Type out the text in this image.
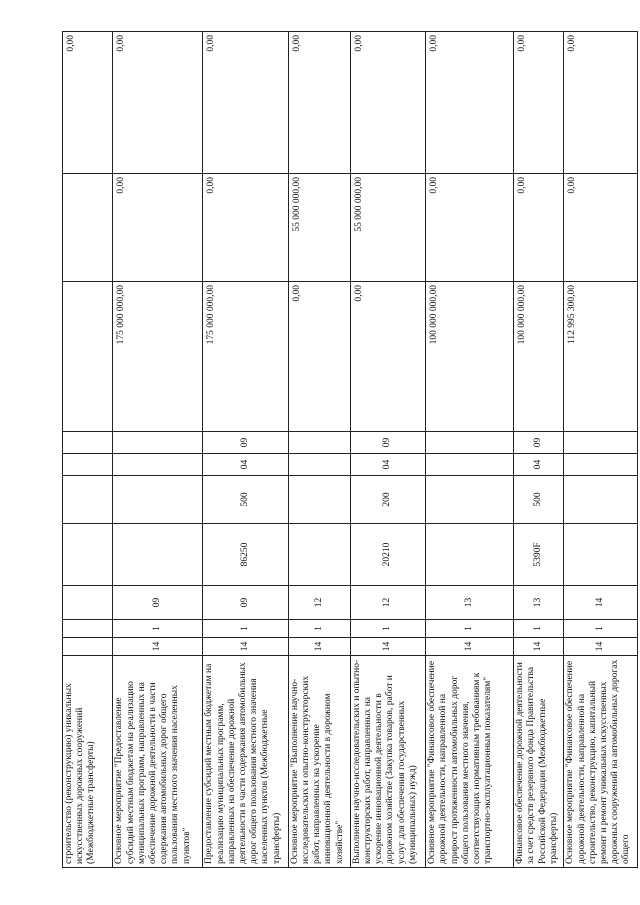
строительство (реконструкцию) уникальных искусственных дорожных сооружений (Межбюджетные трансферты)										0,00
Основное мероприятие "Предоставление субсидий местным бюджетам на реализацию муниципальных программ, направленных на обеспечение дорожной деятельности в части содержания автомобильных дорог общего пользования местного значения населенных пунктов"	14	1	09					175 000 000,00	0,00	0,00
Предоставление субсидий местным бюджетам на реализацию муниципальных программ, направленных на обеспечение дорожной деятельности в части содержания автомобильных дорог общего пользования местного значения населенных пунктов (Межбюджетные трансферты)	14	1	09	86250	500	04	09	175 000 000,00	0,00	0,00
Основное мероприятие "Выполнение научно-исследовательских и опытно-конструкторских работ, направленных на ускорение инновационной деятельности в дорожном хозяйстве"	14	1	12					0,00	55 000 000,00	0,00
Выполнение научно-исследовательских и опытно-конструкторских работ, направленных на ускорение инновационной деятельности в дорожном хозяйстве (Закупка товаров, работ и услуг для обеспечения государственных (муниципальных) нужд)	14	1	12	20210	200	04	09	0,00	55 000 000,00	0,00
Основное мероприятие "Финансовое обеспечение дорожной деятельности, направленной на прирост протяженности автомобильных дорог общего пользования местного значения, соответствующих нормативным требованиям к транспортно-эксплуатационным показателям"	14	1	13					100 000 000,00	0,00	0,00
Финансовое обеспечение дорожной деятельности за счет средств резервного фонда Правительства Российской Федерации (Межбюджетные трансферты)	14	1	13	5390F	500	04	09	100 000 000,00	0,00	0,00
Основное мероприятие "Финансовое обеспечение дорожной деятельности, направленной на строительство, реконструкцию, капитальный ремонт и ремонт уникальных искусственных дорожных сооружений на автомобильных дорогах общего	14	1	14					112 995 300,00	0,00	0,00
